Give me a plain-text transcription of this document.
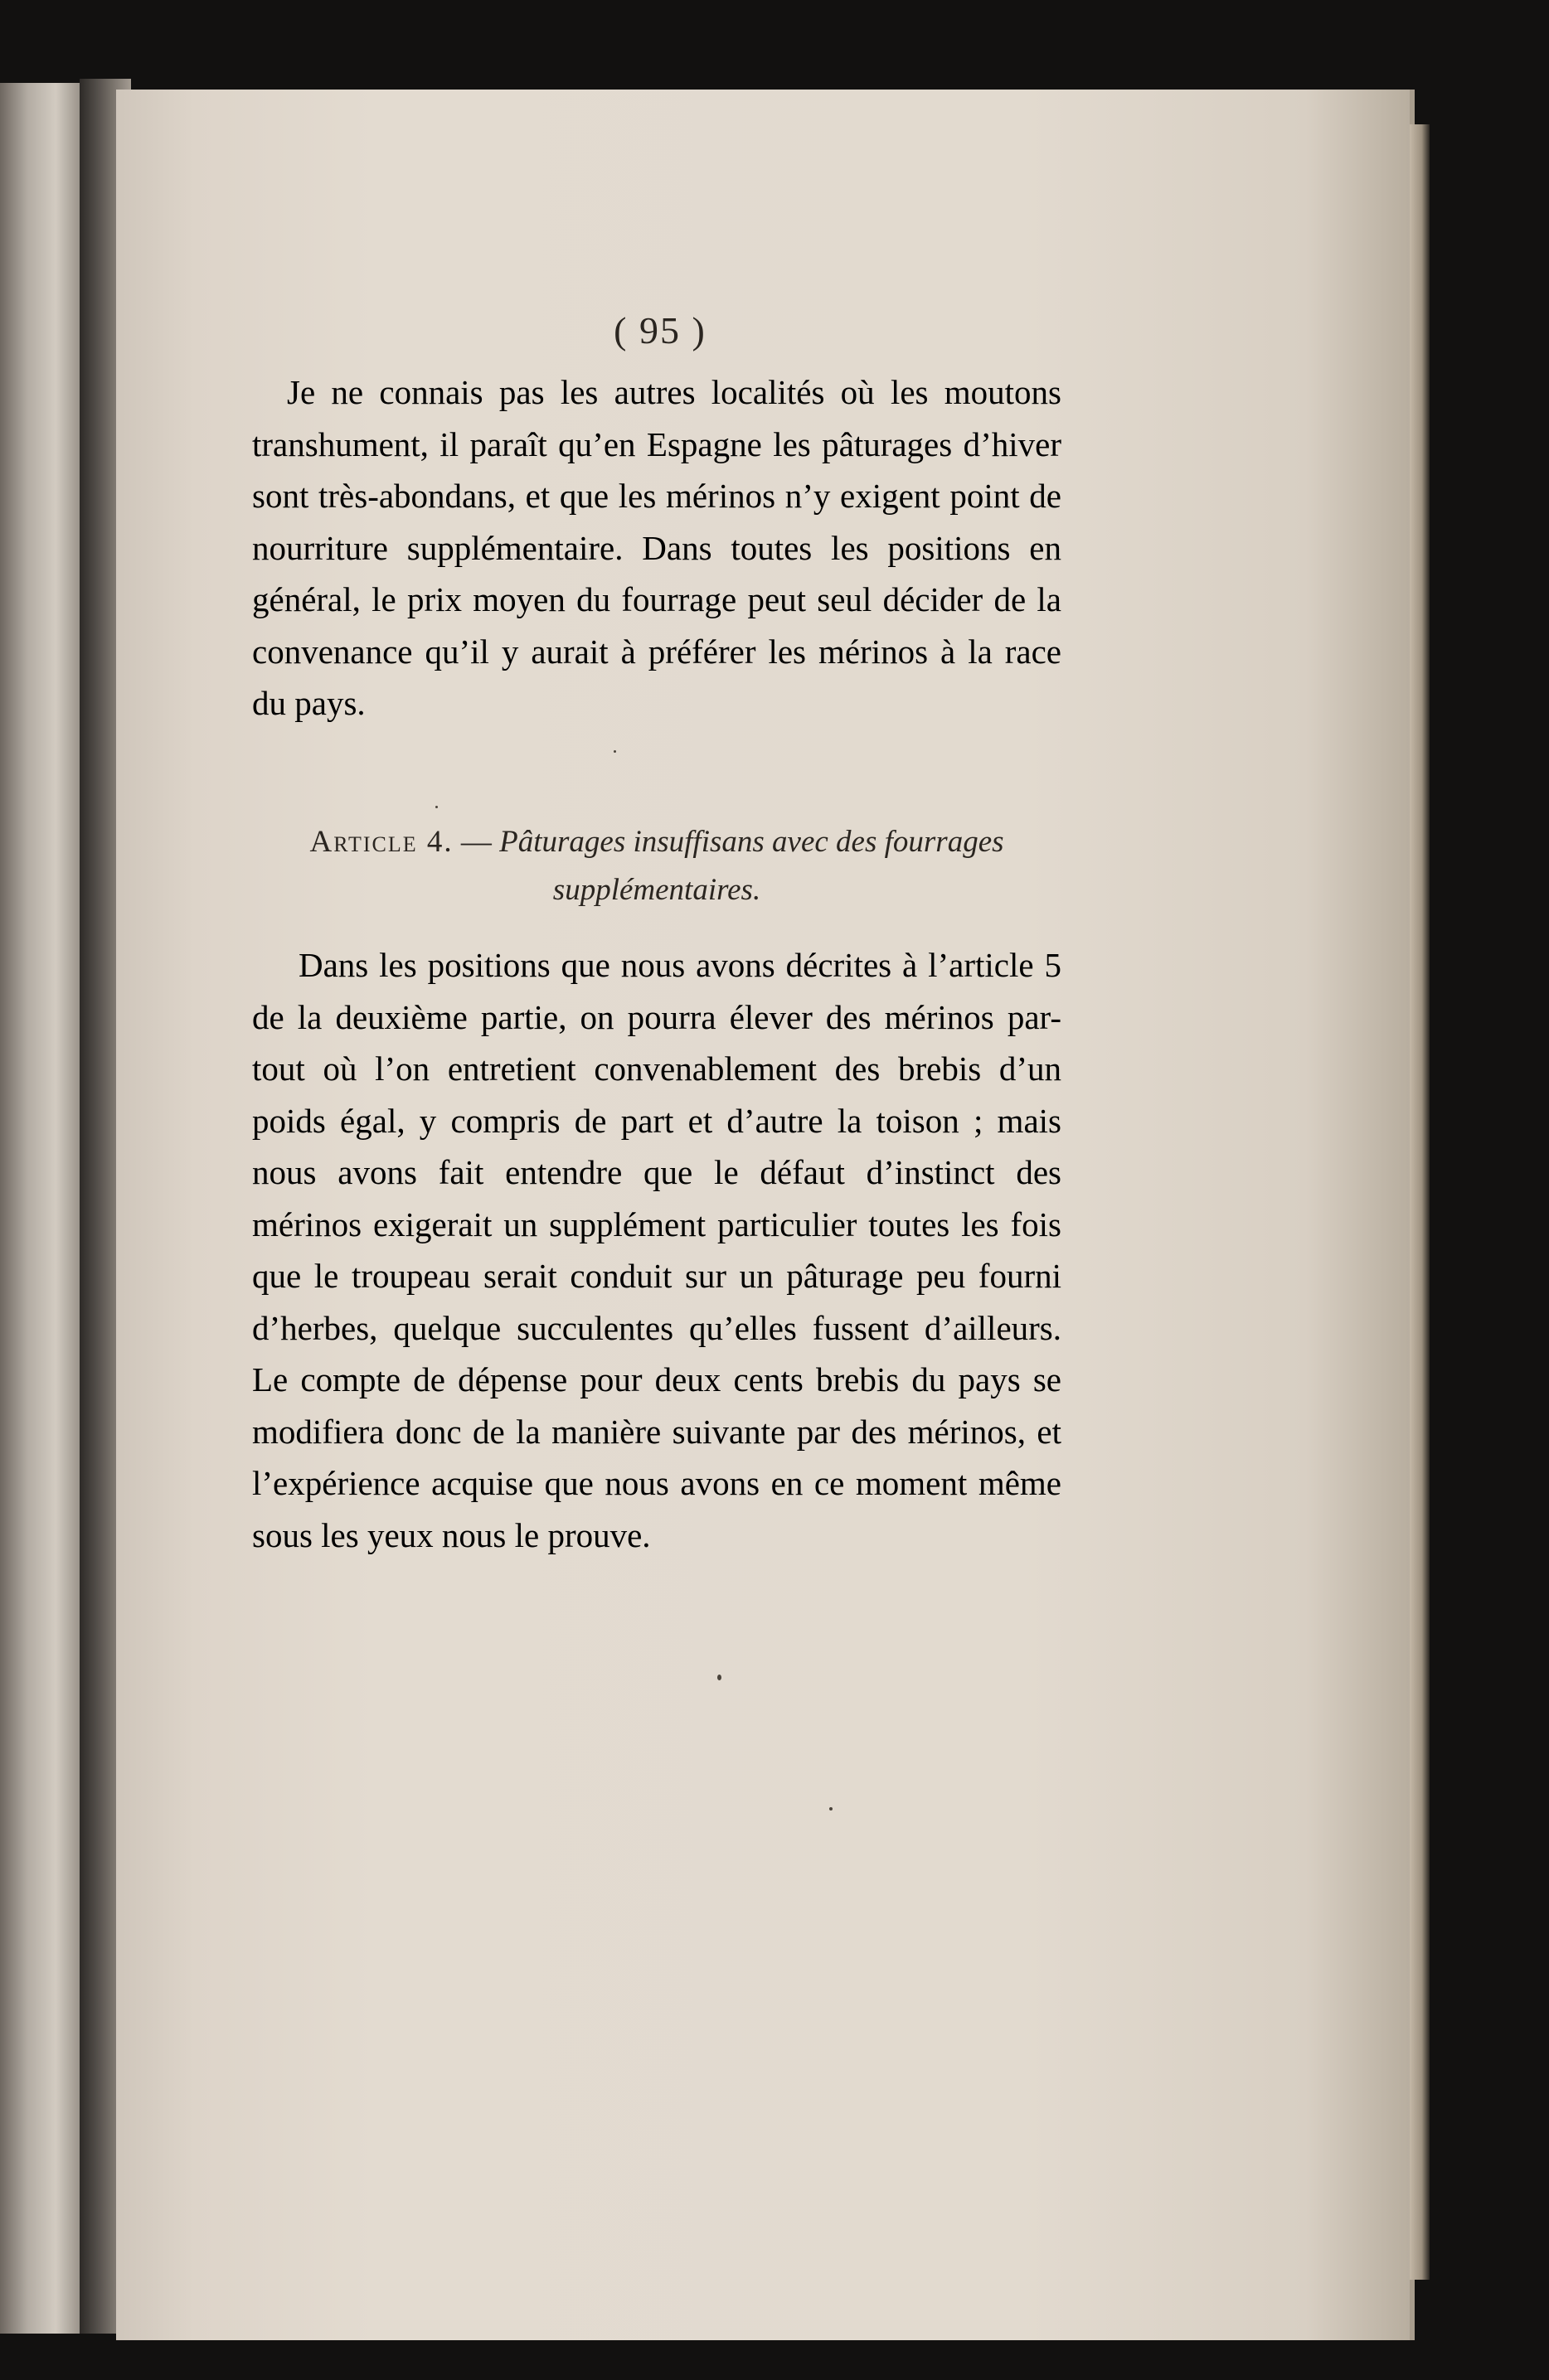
( 95 )

Je ne connais pas les autres localités où les moutons transhument, il paraît qu’en Espagne les pâturages d’hiver sont très-abondans, et que les mérinos n’y exigent point de nourriture supplémentaire. Dans toutes les positions en général, le prix moyen du fourrage peut seul décider de la convenance qu’il y aurait à préférer les mérinos à la race du pays.

Article 4. — Pâturages insuffisans avec des fourrages supplémentaires.

Dans les positions que nous avons décrites à l’article 5 de la deuxième partie, on pourra élever des mérinos par-tout où l’on entretient convenablement des brebis d’un poids égal, y compris de part et d’autre la toison ; mais nous avons fait entendre que le défaut d’instinct des mérinos exigerait un supplément particulier toutes les fois que le troupeau serait conduit sur un pâturage peu fourni d’herbes, quelque succulentes qu’elles fussent d’ailleurs. Le compte de dépense pour deux cents brebis du pays se modifiera donc de la manière suivante par des mérinos, et l’expérience acquise que nous avons en ce moment même sous les yeux nous le prouve.
